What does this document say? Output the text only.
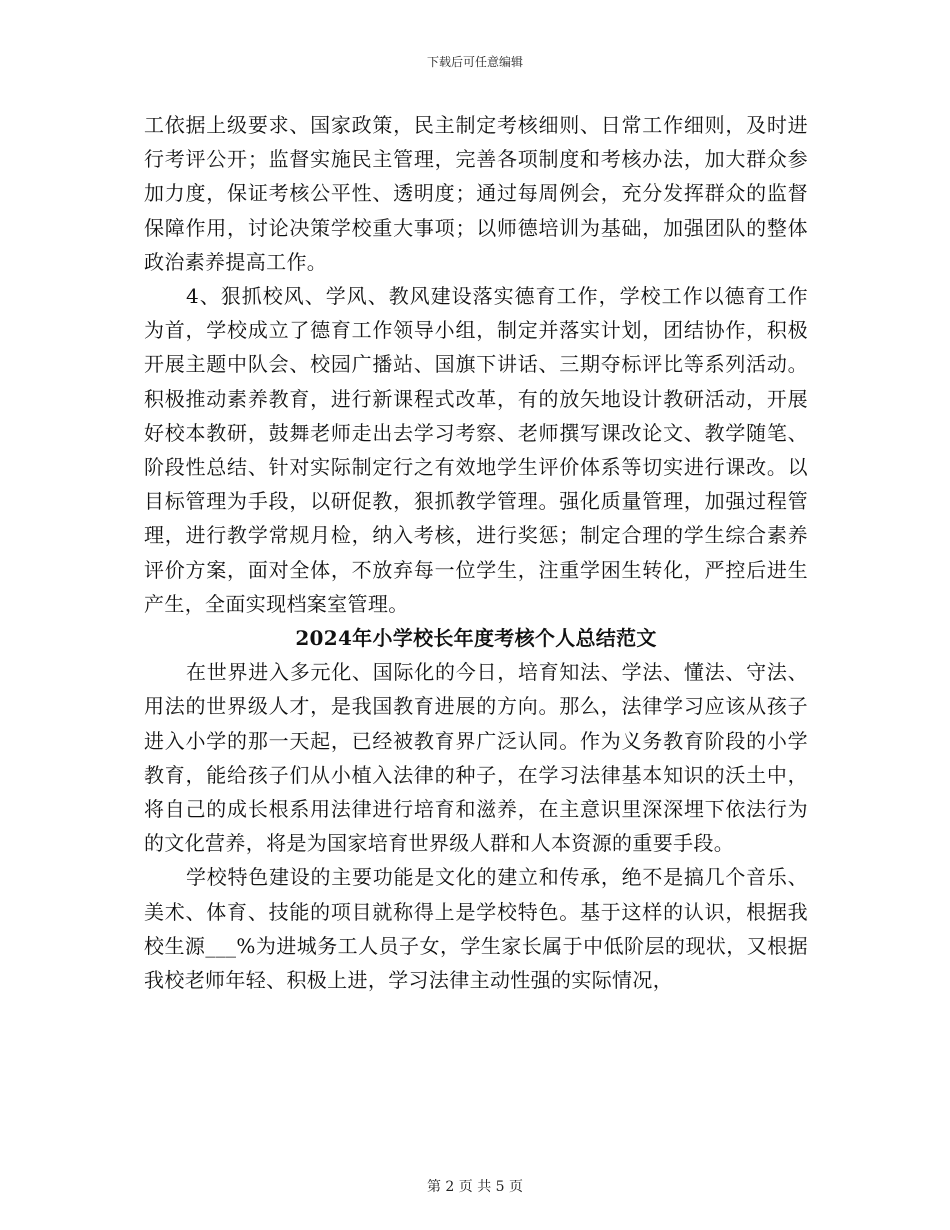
下载后可任意编辑

工依据上级要求、国家政策，民主制定考核细则、日常工作细则，及时进行考评公开；监督实施民主管理，完善各项制度和考核办法，加大群众参加力度，保证考核公平性、透明度；通过每周例会，充分发挥群众的监督保障作用，讨论决策学校重大事项；以师德培训为基础，加强团队的整体政治素养提高工作。

4、狠抓校风、学风、教风建设落实德育工作，学校工作以德育工作为首，学校成立了德育工作领导小组，制定并落实计划，团结协作，积极开展主题中队会、校园广播站、国旗下讲话、三期夺标评比等系列活动。积极推动素养教育，进行新课程式改革，有的放矢地设计教研活动，开展好校本教研，鼓舞老师走出去学习考察、老师撰写课改论文、教学随笔、阶段性总结、针对实际制定行之有效地学生评价体系等切实进行课改。以目标管理为手段，以研促教，狠抓教学管理。强化质量管理，加强过程管理，进行教学常规月检，纳入考核，进行奖惩；制定合理的学生综合素养评价方案，面对全体，不放弃每一位学生，注重学困生转化，严控后进生产生，全面实现档案室管理。

2024年小学校长年度考核个人总结范文

在世界进入多元化、国际化的今日，培育知法、学法、懂法、守法、用法的世界级人才，是我国教育进展的方向。那么，法律学习应该从孩子进入小学的那一天起，已经被教育界广泛认同。作为义务教育阶段的小学教育，能给孩子们从小植入法律的种子，在学习法律基本知识的沃土中，将自己的成长根系用法律进行培育和滋养，在主意识里深深埋下依法行为的文化营养，将是为国家培育世界级人群和人本资源的重要手段。

学校特色建设的主要功能是文化的建立和传承，绝不是搞几个音乐、美术、体育、技能的项目就称得上是学校特色。基于这样的认识，根据我校生源___%为进城务工人员子女，学生家长属于中低阶层的现状，又根据我校老师年轻、积极上进，学习法律主动性强的实际情况，

第 2 页 共 5 页
